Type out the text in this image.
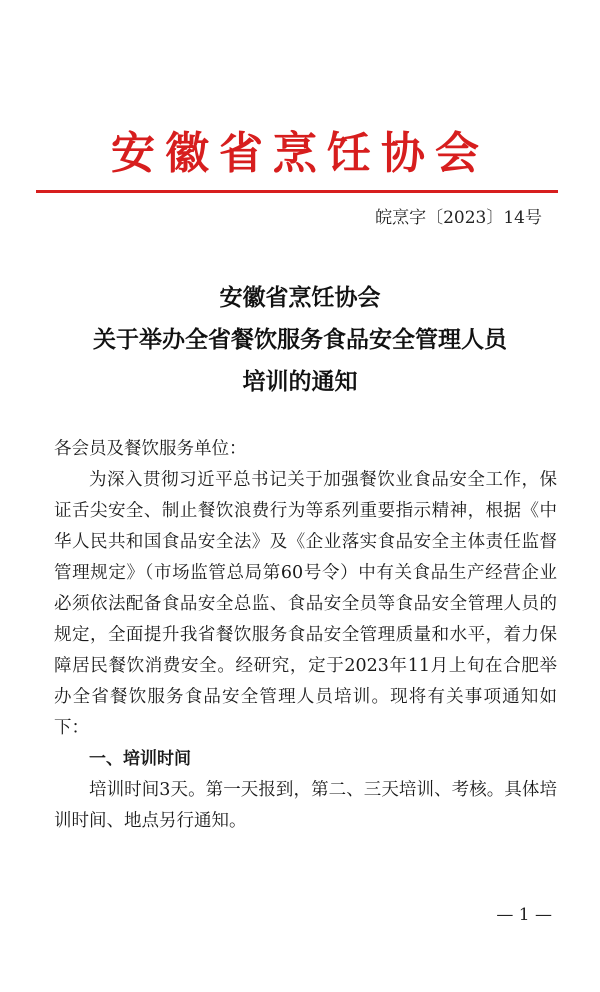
安徽省烹饪协会
皖烹字〔2023〕14号
安徽省烹饪协会
关于举办全省餐饮服务食品安全管理人员
培训的通知

各会员及餐饮服务单位：

为深入贯彻习近平总书记关于加强餐饮业食品安全工作，保证舌尖安全、制止餐饮浪费行为等系列重要指示精神，根据《中华人民共和国食品安全法》及《企业落实食品安全主体责任监督管理规定》（市场监管总局第60号令）中有关食品生产经营企业必须依法配备食品安全总监、食品安全员等食品安全管理人员的规定，全面提升我省餐饮服务食品安全管理质量和水平，着力保障居民餐饮消费安全。经研究，定于2023年11月上旬在合肥举办全省餐饮服务食品安全管理人员培训。现将有关事项通知如下：

一、培训时间

培训时间3天。第一天报到，第二、三天培训、考核。具体培训时间、地点另行通知。

— 1 —
